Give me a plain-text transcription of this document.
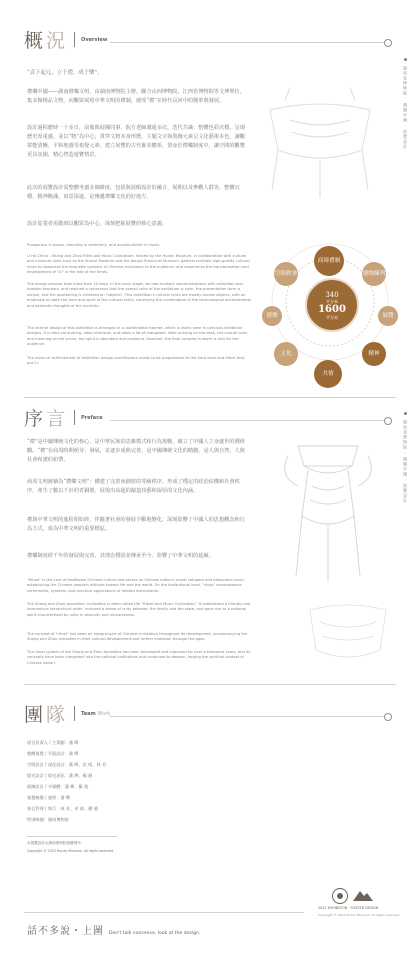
概況	Overview
“貞下起元，立于禮，成于樂”。

禮樂中國——湖南禮樂文明，由湖南博物院主辦，聯合山西博物院、江西省博物院等文博單位，集多館精品文物，向觀眾展現中華文明的禮制，感受“禮”在時代長河中的變革與發展。

設計過程歷時一十多日，前後與展陳同事、院方老師溝通多次，迭代共識：整體色彩沉穩，呈現歷史厚重感，並以“物”為中心，貫穿文物本身形態，主題文字與裝飾元素呈文化藝術本色，讓觀眾能清晰、平和地感受視覺元素，建立展覽的古代審美體系，置身於禮樂制度中，讓空間的觀覽更具氛圍，精心營造遊覽情景。

此次的展覽設計需整體考慮多個維度，包括與展館設計的融合、展期以及參觀人群等，整體沉穩，精神飽滿，寓意深遠，是傳遞禮樂文化的好地方。

設計從業者需做到以觀眾為中心，深刻把握展覽的核心意義。

Prosperous in peace, standing in ceremony, and accomplished in music.

Li Ho China - Shang and Zhou Rites and Music Civilization, hosted by the Hunan Museum, in collaboration with cultural and museum units such as the Shanxi Museum and the Jiangxi Provincial Museum, gathers multiple high-quality cultural relics to showcase the etiquette systems of Chinese civilization to the audience, and experience the transformation and development of "Li" in the tide of the times.

The design process took more than 10 days. In the early stage, we had multiple communications with exhibition and hospital teachers, and reached a consensus that the overall color of the exhibition is calm, the presentation form is simple, and the positioning is centered on "objects". This exhibition's cultural relics are mostly bronze objects, with an emphasis on both the form and spirit of the cultural relics, conveying the combination of the technological achievements and aesthetic thoughts of the ancients.

The interior design of this exhibition is arranged in a coordinated manner, which is rarely seen in previous exhibition designs. It is time-consuming, labor-intensive, and takes a lot of manpower. After arriving on the desk, the overall color and meaning on the scene, the spirit is abundant and profound. However, the final complex is worth a visit for the audience.

The vision of achievement of exhibition design practitioners needs to be proportional to the hard work and effort they put in.

湖南省博物院 · 禮樂中國 · 展覽設計
商周禮制
空間敘事	器物陳列
禮樂	展覽
文化	精神
共情
340
平方米
1600
平方米
序言	Preface

“禮”是中國傳統文化的核心，是中華民族的思維模式和行為規範，確立了中國人立身處世的價值觀。“禮”在商周時期萌芽、發展，並逐步成熟完善，是中國傳統文化的精髓，是人與自然、人與社會和諧的紐帶。

商周文明被稱為“禮樂文明”：構建了完善而細密的等級秩序，形成了穩定的政治結構和社會秩序，產生了數以千計的青銅器，展現出高超的鑄造技藝和深厚的文化內涵。

禮與中華文明的進程相始終，伴隨著社會的發展不斷地變化，深刻影響了中國人的思想觀念和行為方式，成為中華文明的重要標誌。

禮樂制度經千年的發展與完善，其理念穩固並傳承至今，影響了中華文明的延續。

"Ritual" is the core of traditional Chinese culture and serves as Chinese nation's moral compass and behavioral norm, establishing the Chinese people's attitude toward life and the world. On the institutional level, "ritual" encompasses ceremonies, systems, and practical applications of related instruments.

The Shang and Zhou dynasties' civilization is often called the "Ritual and Music Civilization." It established a friendly and harmonious hierarchical order, nurtured a sense of unity between the family and the state, and gave rise to a national spirit characterized by unity in diversity and inclusiveness.

The concept of "ritual" has been an integral part of Chinese civilization throughout its development, accompanying the Shang and Zhou dynasties in their cultural development and further evolution through the ages.

The ritual system of the Shang and Zhou dynasties has been developed and improved for over a thousand years, and its concepts have been integrated into the national institutions and continued to deepen, forging the spiritual context of Chinese nation.

湖南省博物院 · 禮樂中國 · 展覽設計
團隊	Team Work
項目負責人 / 主策劃：潘 輝
整體視覺 / 平面設計：潘 輝
空間設計 / 深化設計：潘 輝、佐 晴、林 若
燈光設計 / 燈光深化：潘 輝、楊 靜
展陳設計 / 多媒體：潘 輝、羅 俊
視覺統籌 / 運營：潘 輝
項目管理 / 執行：林 若、卓 倩、楊 靜
特別鳴謝：湖南博物院
本展覽設計由湖南博物院授權發布
Copyright © 2023 Hunan Museum. All rights reserved.
2022 EXHIBITION · POSTER DESIGN
Copyright © 2023 Hunan Museum. All rights reserved.
話不多說・上圖 Don't talk nonsense, look at the design.
